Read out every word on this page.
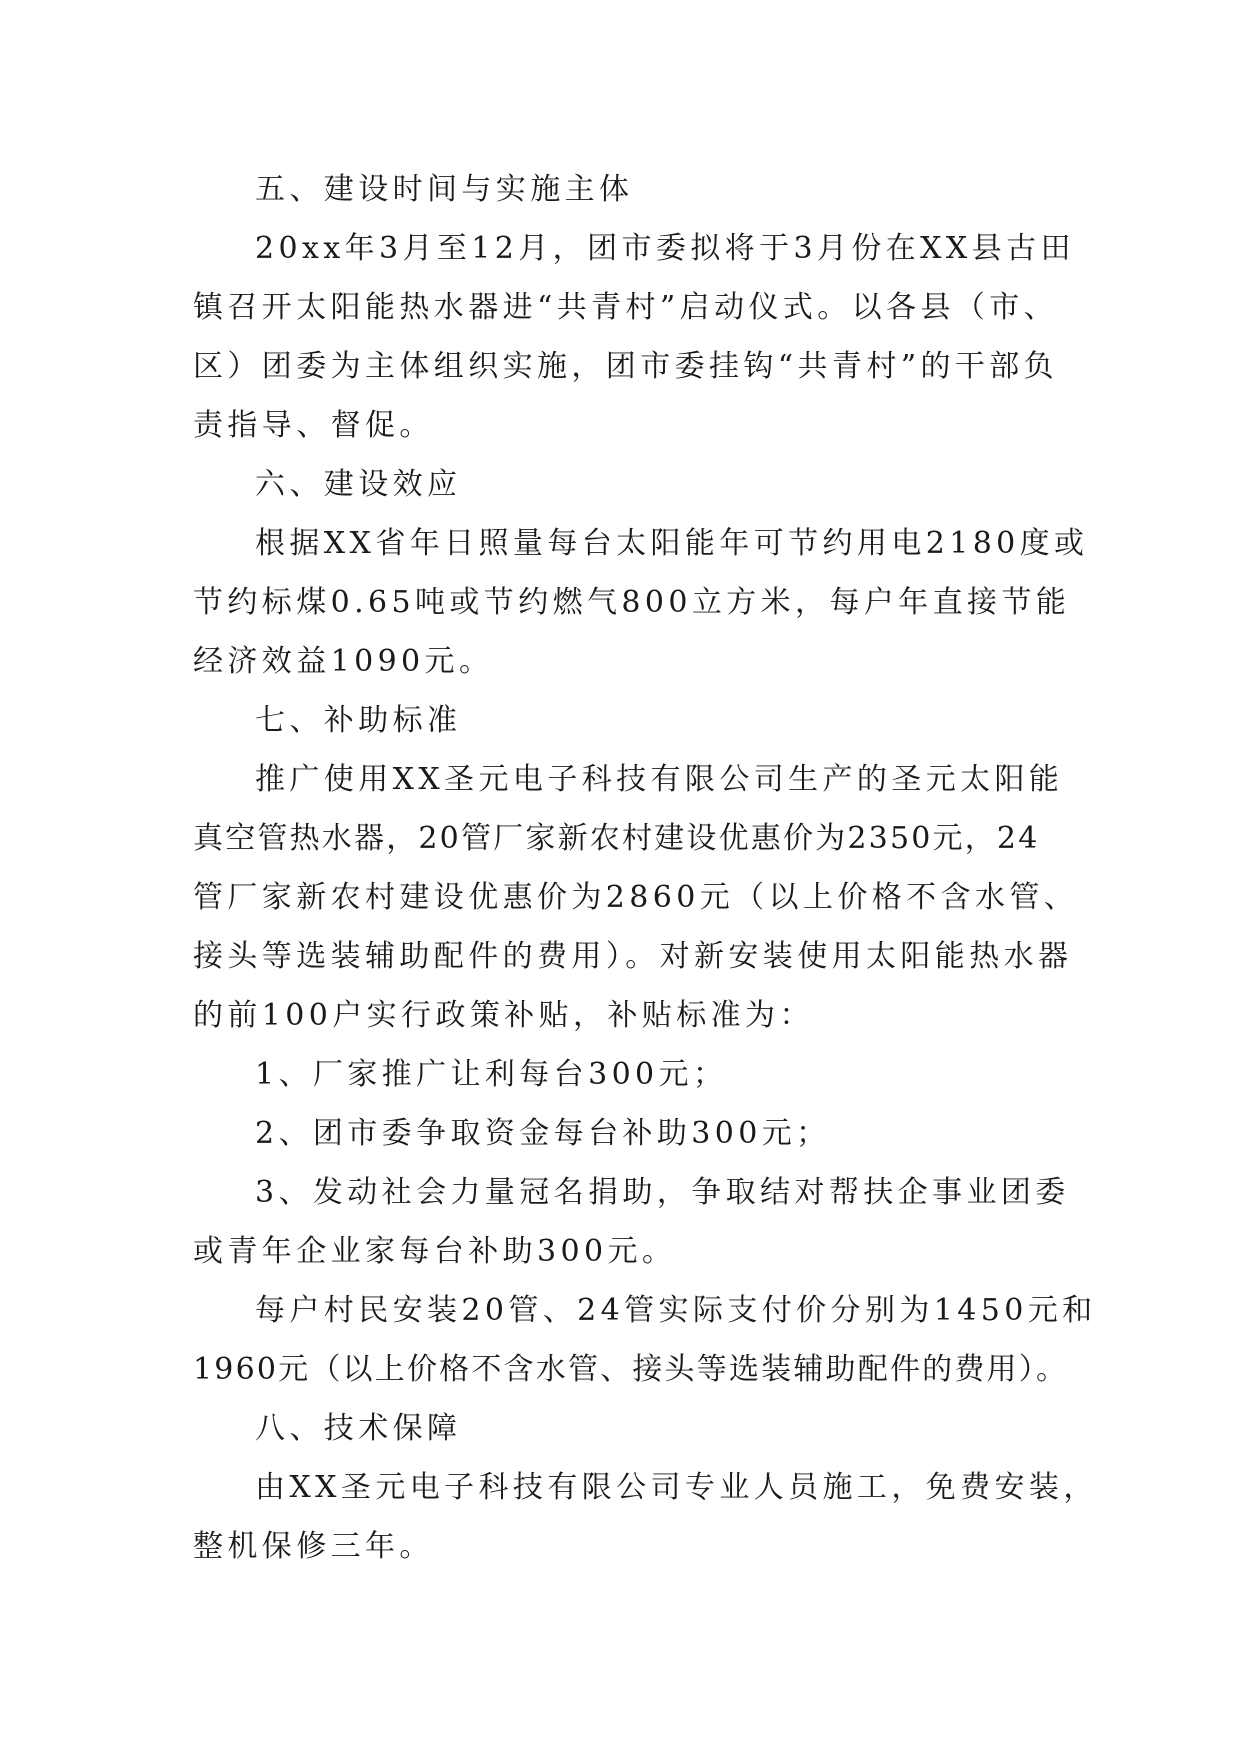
五、建设时间与实施主体
20xx年3月至12月，团市委拟将于3月份在XX县古田
镇召开太阳能热水器进“共青村”启动仪式。以各县（市、
区）团委为主体组织实施，团市委挂钩“共青村”的干部负
责指导、督促。
六、建设效应
根据XX省年日照量每台太阳能年可节约用电2180度或
节约标煤0.65吨或节约燃气800立方米，每户年直接节能
经济效益1090元。
七、补助标准
推广使用XX圣元电子科技有限公司生产的圣元太阳能
真空管热水器，20管厂家新农村建设优惠价为2350元，24
管厂家新农村建设优惠价为2860元（以上价格不含水管、
接头等选装辅助配件的费用）。对新安装使用太阳能热水器
的前100户实行政策补贴，补贴标准为：
1、厂家推广让利每台300元；
2、团市委争取资金每台补助300元；
3、发动社会力量冠名捐助，争取结对帮扶企事业团委
或青年企业家每台补助300元。
每户村民安装20管、24管实际支付价分别为1450元和
1960元（以上价格不含水管、接头等选装辅助配件的费用）。
八、技术保障
由XX圣元电子科技有限公司专业人员施工，免费安装，
整机保修三年。
